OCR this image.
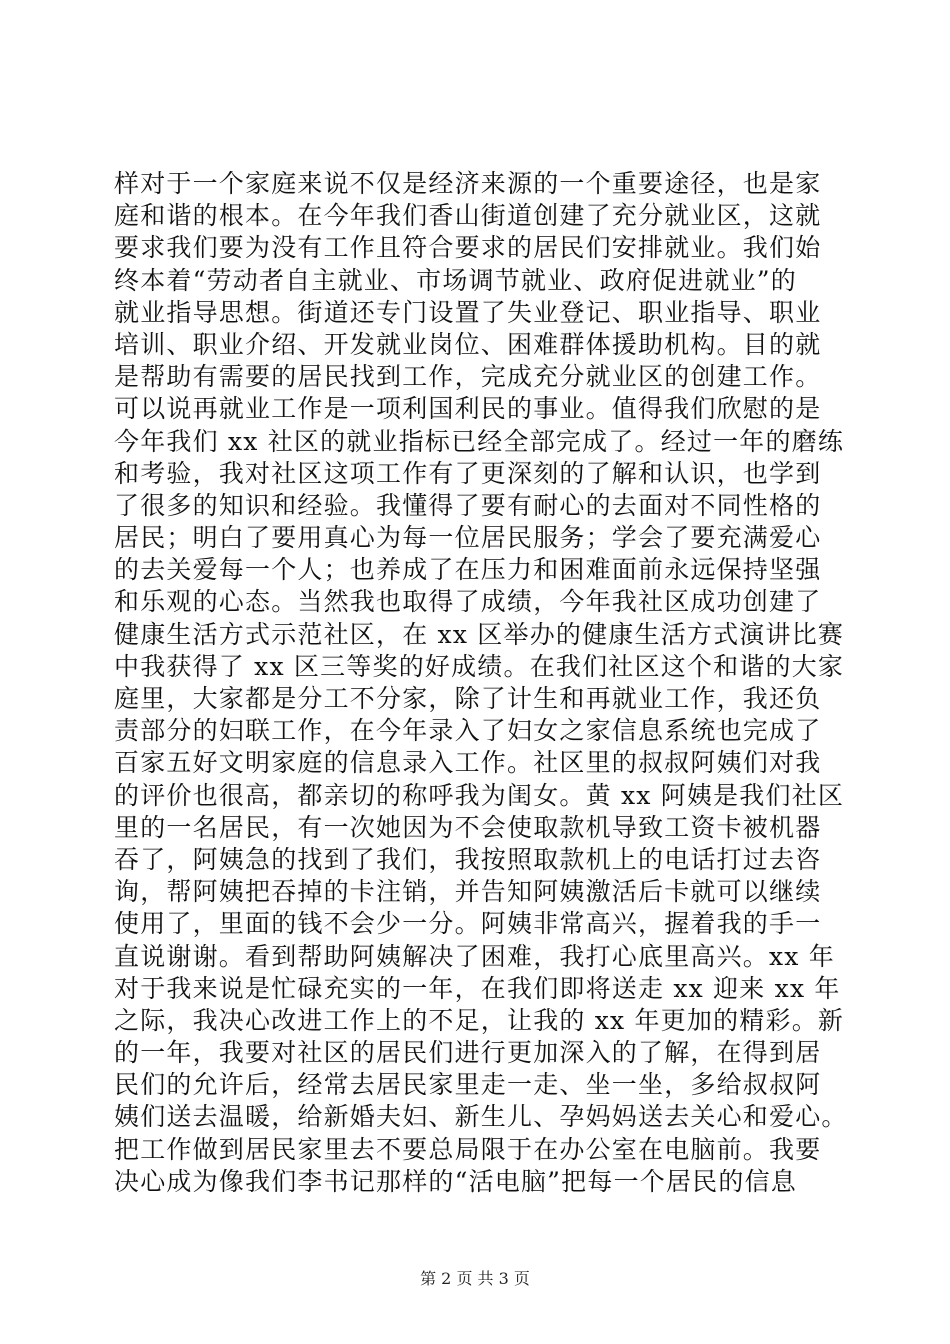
样对于一个家庭来说不仅是经济来源的一个重要途径，也是家
庭和谐的根本。在今年我们香山街道创建了充分就业区，这就
要求我们要为没有工作且符合要求的居民们安排就业。我们始
终本着“劳动者自主就业、市场调节就业、政府促进就业”的
就业指导思想。街道还专门设置了失业登记、职业指导、职业
培训、职业介绍、开发就业岗位、困难群体援助机构。目的就
是帮助有需要的居民找到工作，完成充分就业区的创建工作。
可以说再就业工作是一项利国利民的事业。值得我们欣慰的是
今年我们 xx 社区的就业指标已经全部完成了。经过一年的磨练
和考验，我对社区这项工作有了更深刻的了解和认识，也学到
了很多的知识和经验。我懂得了要有耐心的去面对不同性格的
居民；明白了要用真心为每一位居民服务；学会了要充满爱心
的去关爱每一个人；也养成了在压力和困难面前永远保持坚强
和乐观的心态。当然我也取得了成绩，今年我社区成功创建了
健康生活方式示范社区，在 xx 区举办的健康生活方式演讲比赛
中我获得了 xx 区三等奖的好成绩。在我们社区这个和谐的大家
庭里，大家都是分工不分家，除了计生和再就业工作，我还负
责部分的妇联工作，在今年录入了妇女之家信息系统也完成了
百家五好文明家庭的信息录入工作。社区里的叔叔阿姨们对我
的评价也很高，都亲切的称呼我为闺女。黄 xx 阿姨是我们社区
里的一名居民，有一次她因为不会使取款机导致工资卡被机器
吞了，阿姨急的找到了我们，我按照取款机上的电话打过去咨
询，帮阿姨把吞掉的卡注销，并告知阿姨激活后卡就可以继续
使用了，里面的钱不会少一分。阿姨非常高兴，握着我的手一
直说谢谢。看到帮助阿姨解决了困难，我打心底里高兴。xx 年
对于我来说是忙碌充实的一年，在我们即将送走 xx 迎来 xx 年
之际，我决心改进工作上的不足，让我的 xx 年更加的精彩。新
的一年，我要对社区的居民们进行更加深入的了解，在得到居
民们的允许后，经常去居民家里走一走、坐一坐，多给叔叔阿
姨们送去温暖，给新婚夫妇、新生儿、孕妈妈送去关心和爱心。
把工作做到居民家里去不要总局限于在办公室在电脑前。我要
决心成为像我们李书记那样的“活电脑”把每一个居民的信息
第 2 页 共 3 页
